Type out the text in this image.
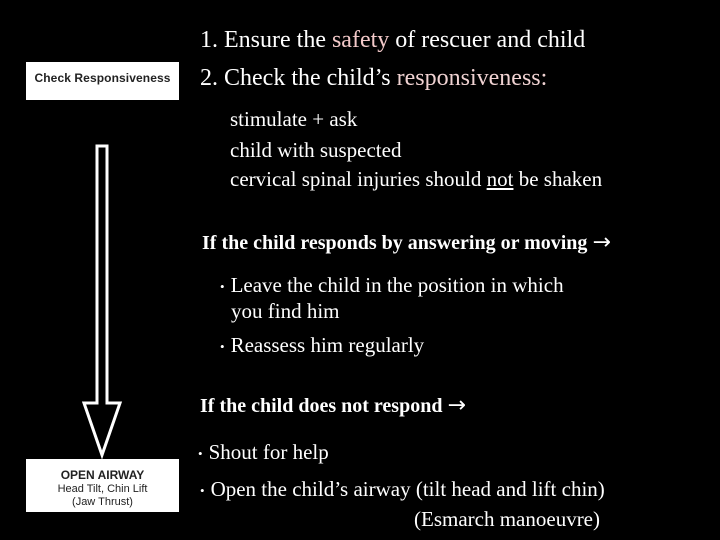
Check Responsiveness
OPEN AIRWAY
Head Tilt, Chin Lift
(Jaw Thrust)
1. Ensure the safety of rescuer and child
2. Check the child’s responsiveness:
stimulate + ask
child with suspected
cervical spinal injuries should not be shaken
If the child responds by answering or moving →
• Leave the child in the position in which
you find him
• Reassess him regularly
If the child does not respond →
• Shout for help
• Open the child’s airway (tilt head and lift chin)
(Esmarch manoeuvre)
